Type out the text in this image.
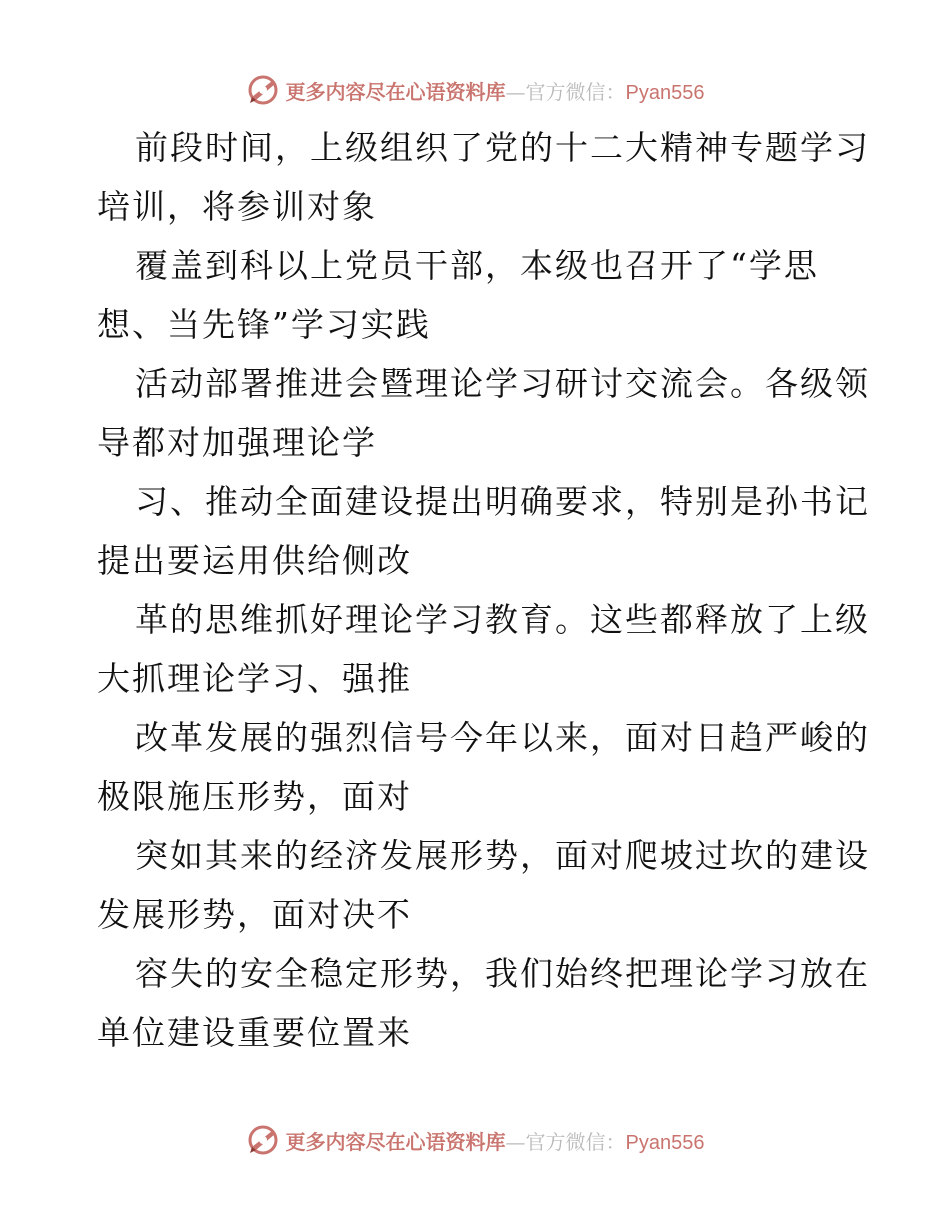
更多内容尽在心语资料库—官方微信：Pyan556
前段时间，上级组织了党的十二大精神专题学习
培训，将参训对象
覆盖到科以上党员干部，本级也召开了“学思
想、当先锋”学习实践
活动部署推进会暨理论学习研讨交流会。各级领
导都对加强理论学
习、推动全面建设提出明确要求，特别是孙书记
提出要运用供给侧改
革的思维抓好理论学习教育。这些都释放了上级
大抓理论学习、强推
改革发展的强烈信号今年以来，面对日趋严峻的
极限施压形势，面对
突如其来的经济发展形势，面对爬坡过坎的建设
发展形势，面对决不
容失的安全稳定形势，我们始终把理论学习放在
单位建设重要位置来
更多内容尽在心语资料库—官方微信：Pyan556
